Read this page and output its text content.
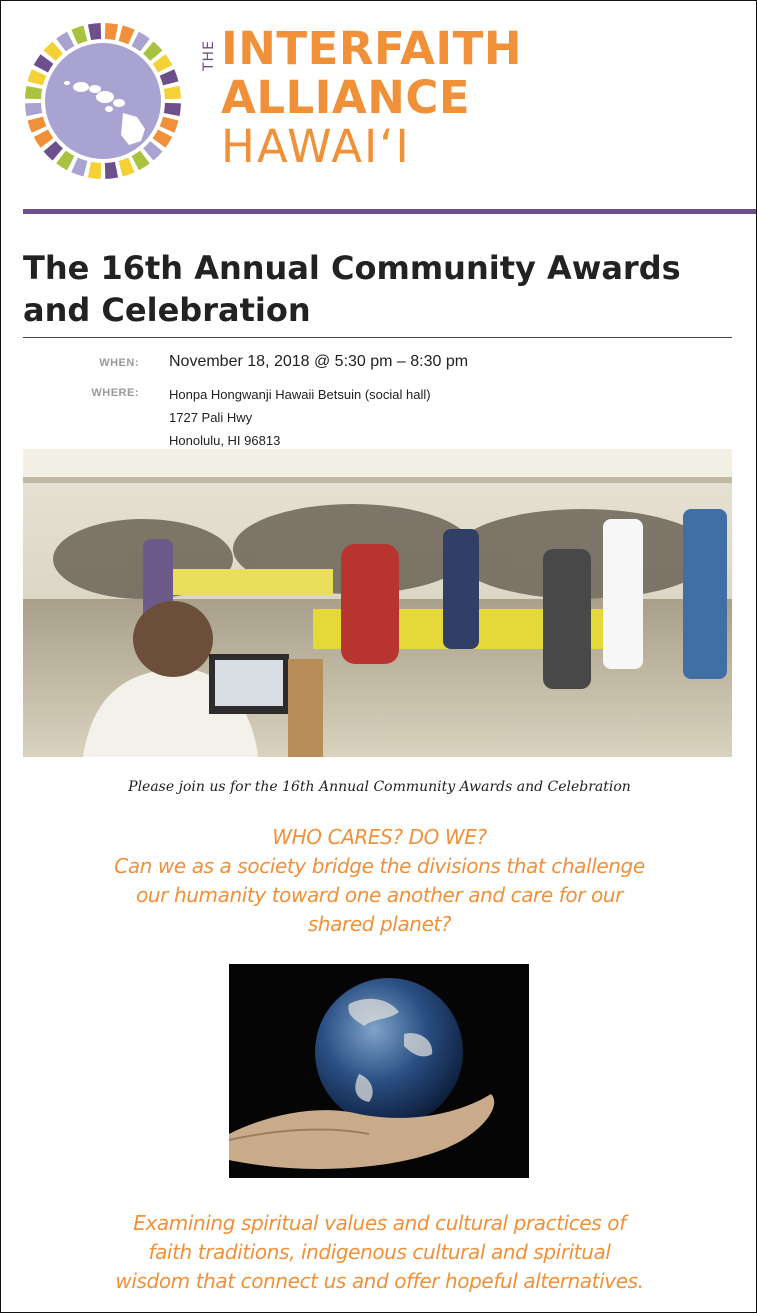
THE INTERFAITH
ALLIANCE
HAWAIʻI
The 16th Annual Community Awards and Celebration
WHEN: November 18, 2018 @ 5:30 pm – 8:30 pm
WHERE: Honpa Hongwanji Hawaii Betsuin (social hall)
1727 Pali Hwy
Honolulu, HI 96813
Please join us for the 16th Annual Community Awards and Celebration
WHO CARES? DO WE?
Can we as a society bridge the divisions that challenge
our humanity toward one another and care for our
shared planet?
Examining spiritual values and cultural practices of
faith traditions, indigenous cultural and spiritual
wisdom that connect us and offer hopeful alternatives.
